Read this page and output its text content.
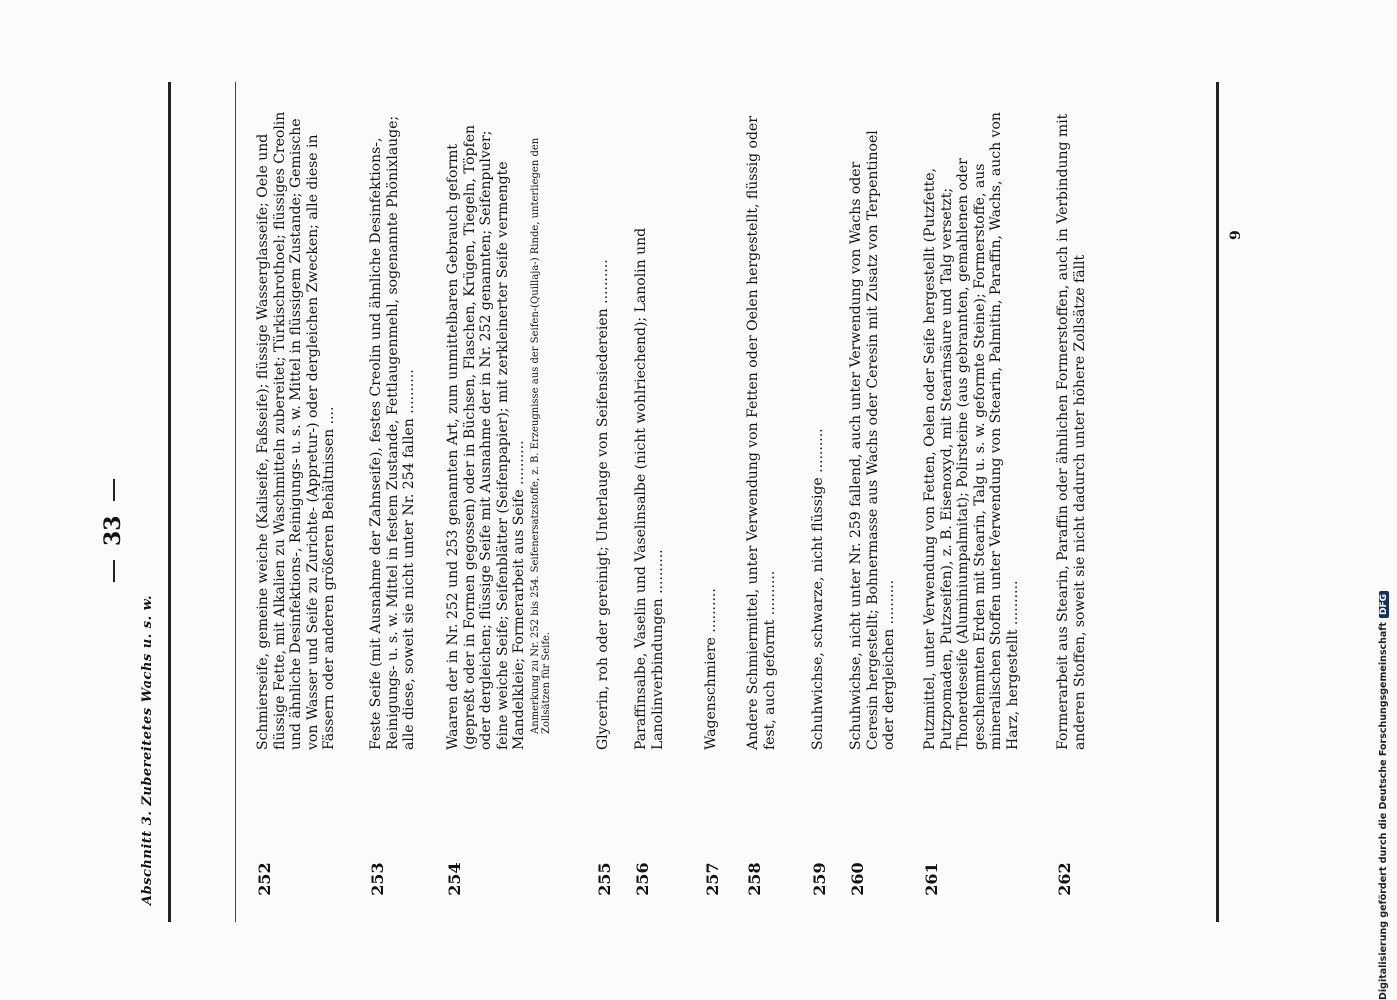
33
Abschnitt 3. Zubereitetes Wachs u. s. w.	252
Schmierseife, gemeine weiche (Kaliseife, Faßseife); flüssige Wasserglasseife; Oele und flüssige Fette, mit Alkalien zu Waschmitteln zubereitet; Türkischrothoel; flüssiges Creolin und ähnliche Desinfektions-, Reinigungs- u. s. w. Mittel in flüssigem Zustande; Gemische von Wasser und Seife zu Zurichte- (Appretur-) oder dergleichen Zwecken; alle diese in Fässern oder anderen größeren Behältnissen ....
253
Feste Seife (mit Ausnahme der Zahnseife), festes Creolin und ähnliche Desinfektions-, Reinigungs- u. s. w. Mittel in festem Zustande, Fettlaugenmehl, sogenannte Phönixlauge; alle diese, soweit sie nicht unter Nr. 254 fallen ..........
254
Waaren der in Nr. 252 und 253 genannten Art, zum unmittelbaren Gebrauch geformt (gepreßt oder in Formen gegossen) oder in Büchsen, Flaschen, Krügen, Tiegeln, Töpfen oder dergleichen; flüssige Seife mit Ausnahme der in Nr. 252 genannten; Seifenpulver; feine weiche Seife; Seifenblätter (Seifenpapier); mit zerkleinerter Seife vermengte Mandelkleie; Formerarbeit aus Seife .......... Anmerkung zu Nr. 252 bis 254. Seifenersatzstoffe, z. B. Erzeugnisse aus der Seifen-(Quillaja-) Rinde, unterliegen den Zollsätzen für Seife.
255
Glycerin, roh oder gereinigt; Unterlauge von Seifensiedereien ..........
256
Paraffinsalbe, Vaselin und Vaselinsalbe (nicht wohlriechend); Lanolin und Lanolinverbindungen ..........
257
Wagenschmiere ..........
258
Andere Schmiermittel, unter Verwendung von Fetten oder Oelen hergestellt, flüssig oder fest, auch geformt ..........
259
Schuhwichse, schwarze, nicht flüssige ..........
260
Schuhwichse, nicht unter Nr. 259 fallend, auch unter Verwendung von Wachs oder Ceresin hergestellt; Bohnermasse aus Wachs oder Ceresin mit Zusatz von Terpentinoel oder dergleichen ..........
261
Putzmittel, unter Verwendung von Fetten, Oelen oder Seife hergestellt (Putzfette, Putzpomaden, Putzseifen), z. B. Eisenoxyd, mit Stearinsäure und Talg versetzt; Thonerdeseife (Aluminiumpalmitat); Polirsteine (aus gebrannten, gemahlenen oder geschlemmten Erden mit Stearin, Talg u. s. w. geformte Steine); Formerstoffe, aus mineralischen Stoffen unter Verwendung von Stearin, Palmitin, Paraffin, Wachs, auch von Harz, hergestellt ..........
262
Formerarbeit aus Stearin, Paraffin oder ähnlichen Formerstoffen, auch in Verbindung mit anderen Stoffen, soweit sie nicht dadurch unter höhere Zollsätze fällt
9
Digitalisierung gefördert durch die Deutsche ForschungsgemeinschaftDFG
